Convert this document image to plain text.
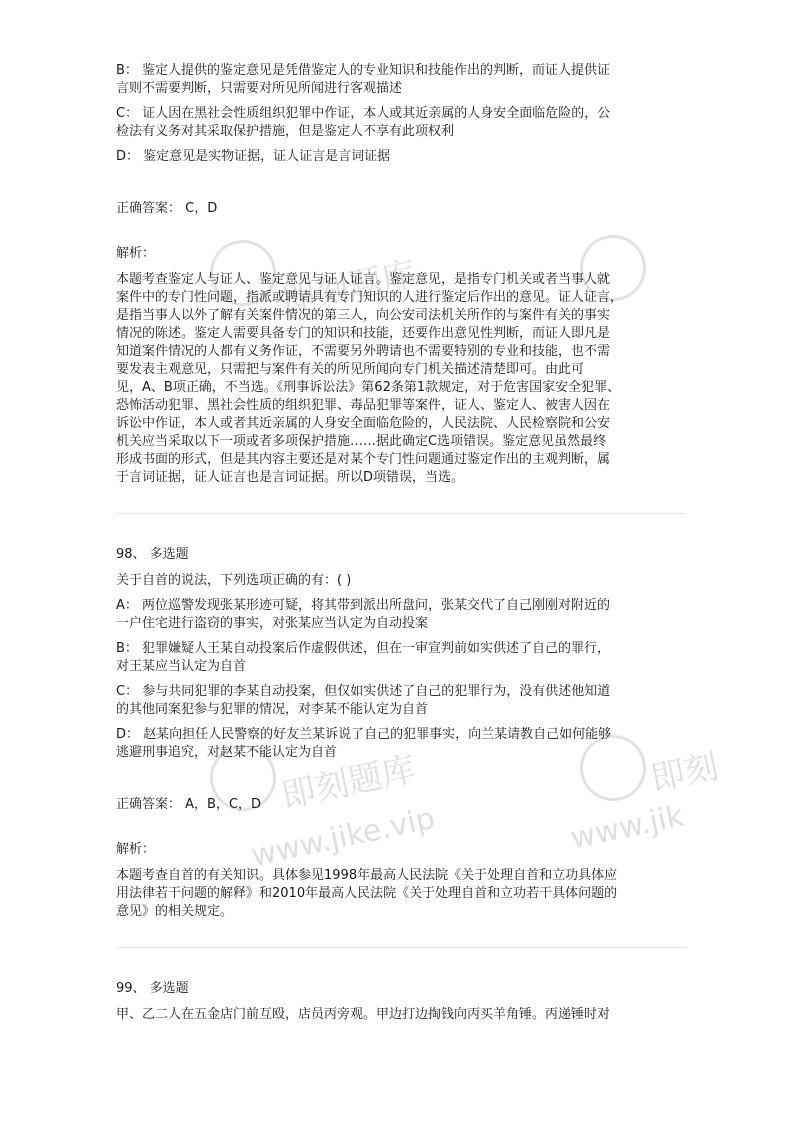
即刻题库
即刻题库
www.jike.vip
即刻
www.jik

B： 鉴定人提供的鉴定意见是凭借鉴定人的专业知识和技能作出的判断，而证人提供证

言则不需要判断，只需要对所见所闻进行客观描述

C： 证人因在黑社会性质组织犯罪中作证，本人或其近亲属的人身安全面临危险的，公

检法有义务对其采取保护措施，但是鉴定人不享有此项权利

D： 鉴定意见是实物证据，证人证言是言词证据

正确答案： C，D

解析：

本题考查鉴定人与证人、鉴定意见与证人证言。鉴定意见，是指专门机关或者当事人就

案件中的专门性问题，指派或聘请具有专门知识的人进行鉴定后作出的意见。证人证言，

是指当事人以外了解有关案件情况的第三人，向公安司法机关所作的与案件有关的事实

情况的陈述。鉴定人需要具备专门的知识和技能，还要作出意见性判断，而证人即凡是

知道案件情况的人都有义务作证，不需要另外聘请也不需要特别的专业和技能，也不需

要发表主观意见，只需把与案件有关的所见所闻向专门机关描述清楚即可。由此可

见，A、B项正确，不当选。《刑事诉讼法》第62条第1款规定，对于危害国家安全犯罪、

恐怖活动犯罪、黑社会性质的组织犯罪、毒品犯罪等案件，证人、鉴定人、被害人因在

诉讼中作证，本人或者其近亲属的人身安全面临危险的，人民法院、人民检察院和公安

机关应当采取以下一项或者多项保护措施……据此确定C选项错误。鉴定意见虽然最终

形成书面的形式，但是其内容主要还是对某个专门性问题通过鉴定作出的主观判断，属

于言词证据，证人证言也是言词证据。所以D项错误，当选。

98、 多选题

关于自首的说法，下列选项正确的有：( )

A： 两位巡警发现张某形迹可疑，将其带到派出所盘问，张某交代了自己刚刚对附近的

一户住宅进行盗窃的事实，对张某应当认定为自动投案

B： 犯罪嫌疑人王某自动投案后作虚假供述，但在一审宣判前如实供述了自己的罪行，

对王某应当认定为自首

C： 参与共同犯罪的李某自动投案，但仅如实供述了自己的犯罪行为，没有供述他知道

的其他同案犯参与犯罪的情况，对李某不能认定为自首

D： 赵某向担任人民警察的好友兰某诉说了自己的犯罪事实，向兰某请教自己如何能够

逃避刑事追究，对赵某不能认定为自首

正确答案： A，B，C，D

解析：

本题考查自首的有关知识。具体参见1998年最高人民法院《关于处理自首和立功具体应

用法律若干问题的解释》和2010年最高人民法院《关于处理自首和立功若干具体问题的

意见》的相关规定。

99、 多选题

甲、乙二人在五金店门前互殴，店员丙旁观。甲边打边掏钱向丙买羊角锤。丙递锤时对
